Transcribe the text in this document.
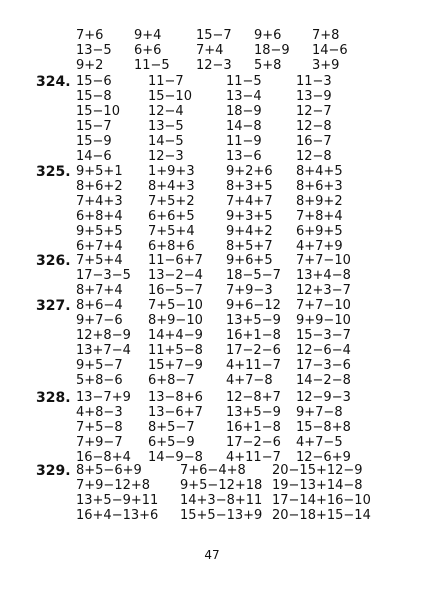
7+6
13−5
9+2
9+4
6+6
11−5
15−7
7+4
12−3
9+6
18−9
5+8
7+8
14−6
3+9
324. 15−6
15−8
15−10
15−7
15−9
14−6
11−7
15−10
12−4
13−5
14−5
12−3
11−5
13−4
18−9
14−8
11−9
13−6
11−3
13−9
12−7
12−8
16−7
12−8
325. 9+5+1
8+6+2
7+4+3
6+8+4
9+5+5
6+7+4
1+9+3
8+4+3
7+5+2
6+6+5
7+5+4
6+8+6
9+2+6
8+3+5
7+4+7
9+3+5
9+4+2
8+5+7
8+4+5
8+6+3
8+9+2
7+8+4
6+9+5
4+7+9
326. 7+5+4
17−3−5
8+7+4
11−6+7
13−2−4
16−5−7
9+6+5
18−5−7
7+9−3
7+7−10
13+4−8
12+3−7
327. 8+6−4
9+7−6
12+8−9
13+7−4
9+5−7
5+8−6
7+5−10
8+9−10
14+4−9
11+5−8
15+7−9
6+8−7
9+6−12
13+5−9
16+1−8
17−2−6
4+11−7
4+7−8
7+7−10
9+9−10
15−3−7
12−6−4
17−3−6
14−2−8
328. 13−7+9
4+8−3
7+5−8
7+9−7
16−8+4
13−8+6
13−6+7
8+5−7
6+5−9
14−9−8
12−8+7
13+5−9
16+1−8
17−2−6
4+11−7
12−9−3
9+7−8
15−8+8
4+7−5
12−6+9
329. 8+5−6+9
7+9−12+8
13+5−9+11
16+4−13+6
7+6−4+8
9+5−12+18
14+3−8+11
15+5−13+9
20−15+12−9
19−13+14−8
17−14+16−10
20−18+15−14
47
